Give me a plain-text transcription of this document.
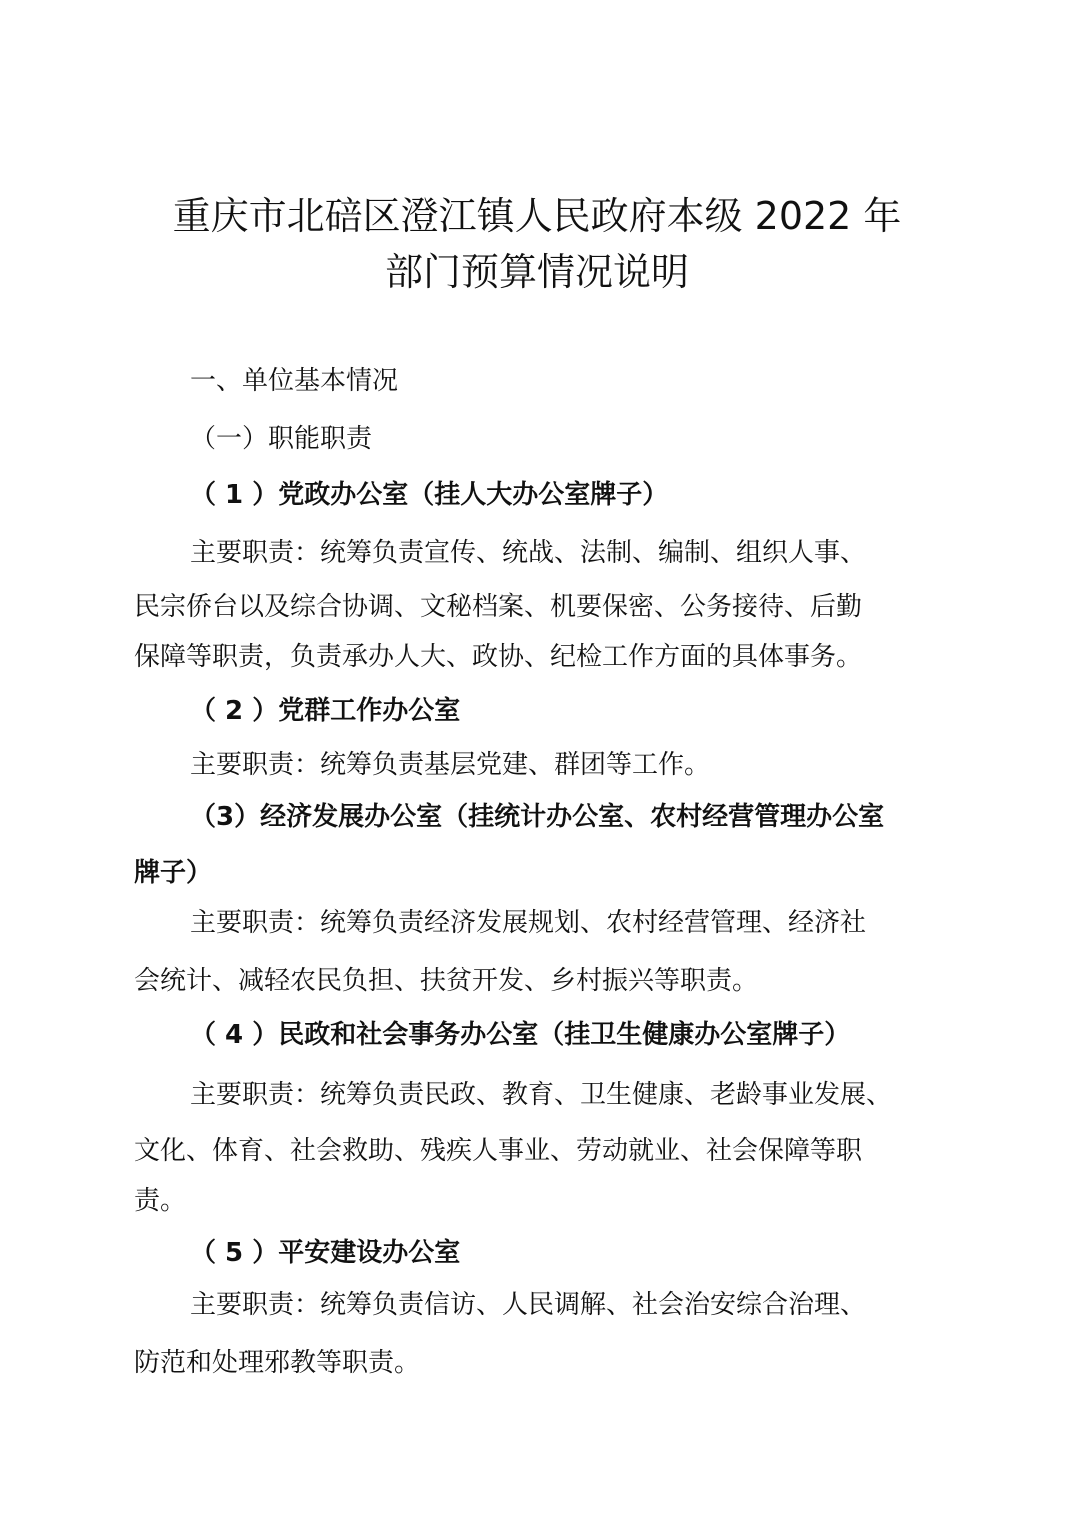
重庆市北碚区澄江镇人民政府本级 2022 年
部门预算情况说明
一、单位基本情况
（一）职能职责
（ 1 ）党政办公室（挂人大办公室牌子）
主要职责：统筹负责宣传、统战、法制、编制、组织人事、
民宗侨台以及综合协调、文秘档案、机要保密、公务接待、后勤
保障等职责，负责承办人大、政协、纪检工作方面的具体事务。
（ 2 ）党群工作办公室
主要职责：统筹负责基层党建、群团等工作。
（3）经济发展办公室（挂统计办公室、农村经营管理办公室
牌子）
主要职责：统筹负责经济发展规划、农村经营管理、经济社
会统计、减轻农民负担、扶贫开发、乡村振兴等职责。
（ 4 ）民政和社会事务办公室（挂卫生健康办公室牌子）
主要职责：统筹负责民政、教育、卫生健康、老龄事业发展、
文化、体育、社会救助、残疾人事业、劳动就业、社会保障等职
责。
（ 5 ）平安建设办公室
主要职责：统筹负责信访、人民调解、社会治安综合治理、
防范和处理邪教等职责。
